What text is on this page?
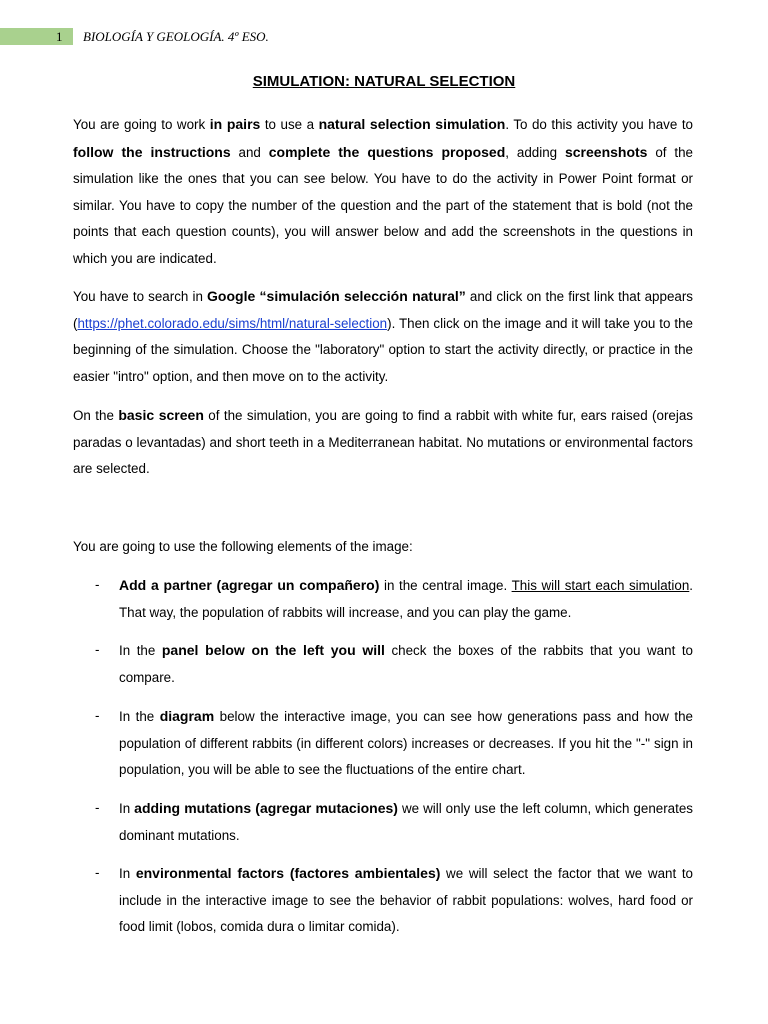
1 BIOLOGÍA Y GEOLOGÍA. 4º ESO.
SIMULATION: NATURAL SELECTION
You are going to work in pairs to use a natural selection simulation. To do this activity you have to follow the instructions and complete the questions proposed, adding screenshots of the simulation like the ones that you can see below. You have to do the activity in Power Point format or similar. You have to copy the number of the question and the part of the statement that is bold (not the points that each question counts), you will answer below and add the screenshots in the questions in which you are indicated.
You have to search in Google “simulación selección natural” and click on the first link that appears (https://phet.colorado.edu/sims/html/natural-selection). Then click on the image and it will take you to the beginning of the simulation. Choose the "laboratory" option to start the activity directly, or practice in the easier "intro" option, and then move on to the activity.
On the basic screen of the simulation, you are going to find a rabbit with white fur, ears raised (orejas paradas o levantadas) and short teeth in a Mediterranean habitat. No mutations or environmental factors are selected.
You are going to use the following elements of the image:
- Add a partner (agregar un compañero) in the central image. This will start each simulation. That way, the population of rabbits will increase, and you can play the game.
- In the panel below on the left you will check the boxes of the rabbits that you want to compare.
- In the diagram below the interactive image, you can see how generations pass and how the population of different rabbits (in different colors) increases or decreases. If you hit the "-" sign in population, you will be able to see the fluctuations of the entire chart.
- In adding mutations (agregar mutaciones) we will only use the left column, which generates dominant mutations.
- In environmental factors (factores ambientales) we will select the factor that we want to include in the interactive image to see the behavior of rabbit populations: wolves, hard food or food limit (lobos, comida dura o limitar comida).
